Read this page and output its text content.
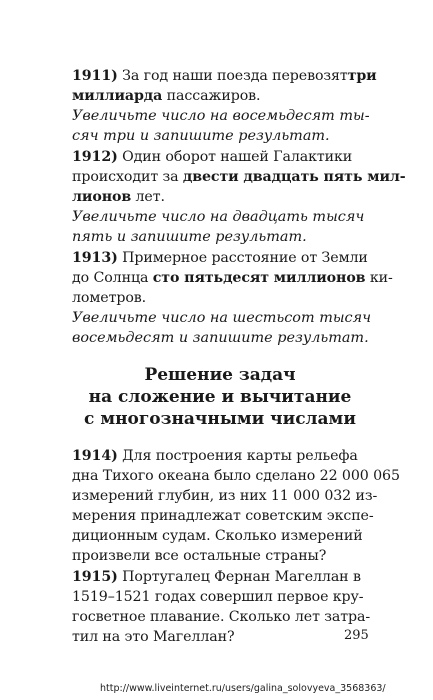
1911) За год наши поезда перевозяттри
миллиарда пассажиров.
Увеличьте число на восемьдесят ты-
сяч три и запишите результат.
1912) Один оборот нашей Галактики
происходит за двести двадцать пять мил-
лионов лет.
Увеличьте число на двадцать тысяч
пять и запишите результат.
1913) Примерное расстояние от Земли
до Солнца сто пятьдесят миллионов ки-
лометров.
Увеличьте число на шестьсот тысяч
восемьдесят и запишите результат.
Решение задач
на сложение и вычитание
с многозначными числами
1914) Для построения карты рельефа
дна Тихого океана было сделано 22 000 065
измерений глубин, из них 11 000 032 из-
мерения принадлежат советским экспе-
диционным судам. Сколько измерений
произвели все остальные страны?
1915) Португалец Фернан Магеллан в
1519–1521 годах совершил первое кру-
госветное плавание. Сколько лет затра-
тил на это Магеллан?	295
http://www.liveinternet.ru/users/galina_solovyeva_3568363/
